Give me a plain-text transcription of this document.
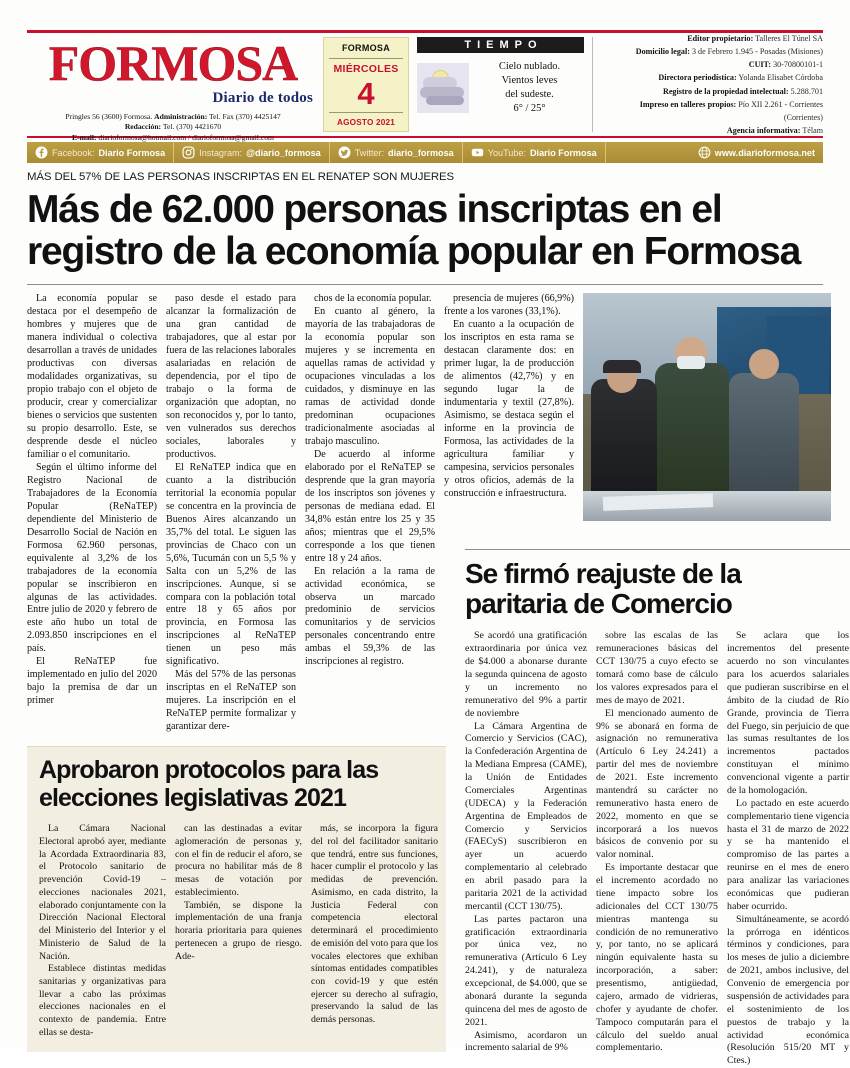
FORMOSA
Diario de todos
Pringles 56 (3600) Formosa. Administración: Tel. Fax (370) 4425147
Redacción: Tel. (370) 4421670
E-mail: diarioformosa@hotmail.com / diarioformosa@gmail.com
FORMOSA
MIÉRCOLES
4
AGOSTO 2021
TIEMPO
Cielo nublado.
Vientos leves
del sudeste.
6° / 25°
Editor propietario: Talleres El Túnel SA
Domicilio legal: 3 de Febrero 1.945 - Posadas (Misiones)
CUIT: 30-70800101-1
Directora periodística: Yolanda Elisabet Córdoba
Registro de la propiedad intelectual: 5.288.701
Impreso en talleres propios: Pío XII 2.261 - Corrientes (Corrientes)
Agencia informativa: Télam
Facebook: Diario Formosa	Instagram: @diario_formosa	Twitter: diario_formosa	YouTube: Diario Formosa	www.diarioformosa.net
MÁS DEL 57% DE LAS PERSONAS INSCRIPTAS EN EL RENATEP SON MUJERES
Más de 62.000 personas inscriptas en el
registro de la economía popular en Formosa

La economía popular se destaca por el desempeño de hombres y mujeres que de manera individual o colectiva desarrollan a través de unidades productivas con diversas modalidades organizativas, su propio trabajo con el objeto de producir, crear y comercializar bienes o servicios que sustenten su propio desarrollo. Este, se desprende desde el núcleo familiar o el comunitario.

Según el último informe del Registro Nacional de Trabajadores de la Economía Popular (ReNaTEP) dependiente del Ministerio de Desarrollo Social de Nación en Formosa 62.960 personas, equivalente al 3,2% de los trabajadores de la economía popular se inscribieron en algunas de las actividades. Entre julio de 2020 y febrero de este año hubo un total de 2.093.850 inscripciones en el país.

El ReNaTEP fue implementado en julio del 2020 bajo la premisa de dar un primer

paso desde el estado para alcanzar la formalización de una gran cantidad de trabajadores, que al estar por fuera de las relaciones laborales asalariadas en relación de dependencia, por el tipo de trabajo o la forma de organización que adoptan, no son reconocidos y, por lo tanto, ven vulnerados sus derechos sociales, laborales y productivos.

El ReNaTEP indica que en cuanto a la distribución territorial la economía popular se concentra en la provincia de Buenos Aires alcanzando un 35,7% del total. Le siguen las provincias de Chaco con un 5,6%, Tucumán con un 5,5 % y Salta con un 5,2% de las inscripciones. Aunque, si se compara con la población total entre 18 y 65 años por provincia, en Formosa las inscripciones al ReNaTEP tienen un peso más significativo.

Más del 57% de las personas inscriptas en el ReNaTEP son mujeres. La inscripción en el ReNaTEP permite formalizar y garantizar dere-

chos de la economía popular.

En cuanto al género, la mayoría de las trabajadoras de la economía popular son mujeres y se incrementa en aquellas ramas de actividad y ocupaciones vinculadas a los cuidados, y disminuye en las ramas de actividad donde predominan ocupaciones tradicionalmente asociadas al trabajo masculino.

De acuerdo al informe elaborado por el ReNaTEP se desprende que la gran mayoría de los inscriptos son jóvenes y personas de mediana edad. El 34,8% están entre los 25 y 35 años; mientras que el 29,5% corresponde a los que tienen entre 18 y 24 años.

En relación a la rama de actividad económica, se observa un marcado predominio de servicios comunitarios y de servicios personales concentrando entre ambas el 59,3% de las inscripciones al registro.

presencia de mujeres (66,9%) frente a los varones (33,1%).

En cuanto a la ocupación de los inscriptos en esta rama se destacan claramente dos: en primer lugar, la de producción de alimentos (42,7%) y en segundo lugar la de indumentaria y textil (27,8%). Asimismo, se destaca según el informe en la provincia de Formosa, las actividades de la agricultura familiar y campesina, servicios personales y otros oficios, además de la construcción e infraestructura.

Aprobaron protocolos para las
elecciones legislativas 2021

La Cámara Nacional Electoral aprobó ayer, mediante la Acordada Extraordinaria 83, el Protocolo sanitario de prevención Covid-19 – elecciones nacionales 2021, elaborado conjuntamente con la Dirección Nacional Electoral del Ministerio del Interior y el Ministerio de Salud de la Nación.

Establece distintas medidas sanitarias y organizativas para llevar a cabo las próximas elecciones nacionales en el contexto de pandemia. Entre ellas se desta-

can las destinadas a evitar aglomeración de personas y, con el fin de reducir el aforo, se procura no habilitar más de 8 mesas de votación por establecimiento.

También, se dispone la implementación de una franja horaria prioritaria para quienes pertenecen a grupo de riesgo. Ade-

más, se incorpora la figura del rol del facilitador sanitario que tendrá, entre sus funciones, hacer cumplir el protocolo y las medidas de prevención. Asimismo, en cada distrito, la Justicia Federal con competencia electoral determinará el procedimiento de emisión del voto para que los vocales electores que exhiban síntomas entidades compatibles con covid-19 y que estén ejercer su derecho al sufragio, preservando la salud de las demás personas.

Se firmó reajuste de la
paritaria de Comercio

Se acordó una gratificación extraordinaria por única vez de $4.000 a abonarse durante la segunda quincena de agosto y un incremento no remunerativo del 9% a partir de noviembre

La Cámara Argentina de Comercio y Servicios (CAC), la Confederación Argentina de la Mediana Empresa (CAME), la Unión de Entidades Comerciales Argentinas (UDECA) y la Federación Argentina de Empleados de Comercio y Servicios (FAECyS) suscribieron en ayer un acuerdo complementario al celebrado en abril pasado para la paritaria 2021 de la actividad mercantil (CCT 130/75).

Las partes pactaron una gratificación extraordinaria por única vez, no remunerativa (Artículo 6 Ley 24.241), y de naturaleza excepcional, de $4.000, que se abonará durante la segunda quincena del mes de agosto de 2021.

Asimismo, acordaron un incremento salarial de 9%

sobre las escalas de las remuneraciones básicas del CCT 130/75 a cuyo efecto se tomará como base de cálculo los valores expresados para el mes de mayo de 2021.

El mencionado aumento de 9% se abonará en forma de asignación no remunerativa (Artículo 6 Ley 24.241) a partir del mes de noviembre de 2021. Este incremento mantendrá su carácter no remunerativo hasta enero de 2022, momento en que se incorporará a los nuevos básicos de convenio por su valor nominal.

Es importante destacar que el incremento acordado no tiene impacto sobre los adicionales del CCT 130/75 mientras mantenga su condición de no remunerativo y, por tanto, no se aplicará ningún equivalente hasta su incorporación, a saber: presentismo, antigüedad, cajero, armado de vidrieras, chofer y ayudante de chofer. Tampoco computarán para el cálculo del sueldo anual complementario.

Se aclara que los incrementos del presente acuerdo no son vinculantes para los acuerdos salariales que pudieran suscribirse en el ámbito de la ciudad de Río Grande, provincia de Tierra del Fuego, sin perjuicio de que las sumas resultantes de los incrementos pactados constituyan el mínimo convencional vigente a partir de la homologación.

Lo pactado en este acuerdo complementario tiene vigencia hasta el 31 de marzo de 2022 y se ha mantenido el compromiso de las partes a reunirse en el mes de enero para analizar las variaciones económicas que pudieran haber ocurrido.

Simultáneamente, se acordó la prórroga en idénticos términos y condiciones, para los meses de julio a diciembre de 2021, ambos inclusive, del Convenio de emergencia por suspensión de actividades para el sostenimiento de los puestos de trabajo y la actividad económica (Resolución 515/20 MT y Ctes.)
